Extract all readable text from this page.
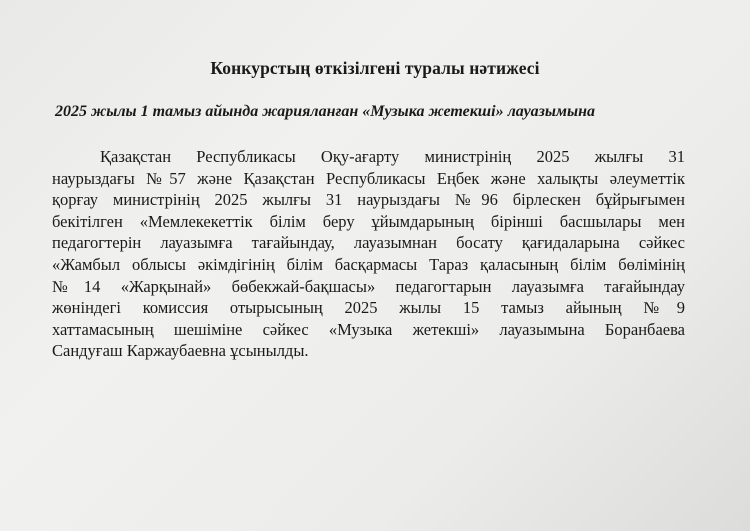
Конкурстың өткізілгені туралы нәтижесі
2025 жылы 1 тамыз айында жарияланған «Музыка жетекші» лауазымына
Қазақстан Республикасы Оқу-ағарту министрінің 2025 жылғы 31
наурыздағы №57 және Қазақстан Республикасы Еңбек және халықты әлеуметтік
қорғау министрінің 2025 жылғы 31 наурыздағы №96 бірлескен бұйрығымен
бекітілген «Мемлекекеттік білім беру ұйымдарының бірінші басшылары мен
педагогтерін лауазымға тағайындау, лауазымнан босату қағидаларына сәйкес
«Жамбыл облысы әкімдігінің білім басқармасы Тараз қаласының білім бөлімінің
№14 «Жарқынай» бөбекжай-бақшасы» педагогтарын лауазымға тағайындау
жөніндегі комиссия отырысының 2025 жылы 15 тамыз айының №9
хаттамасының шешіміне сәйкес «Музыка жетекші» лауазымына Боранбаева
Сандуғаш Каржаубаевна ұсынылды.
